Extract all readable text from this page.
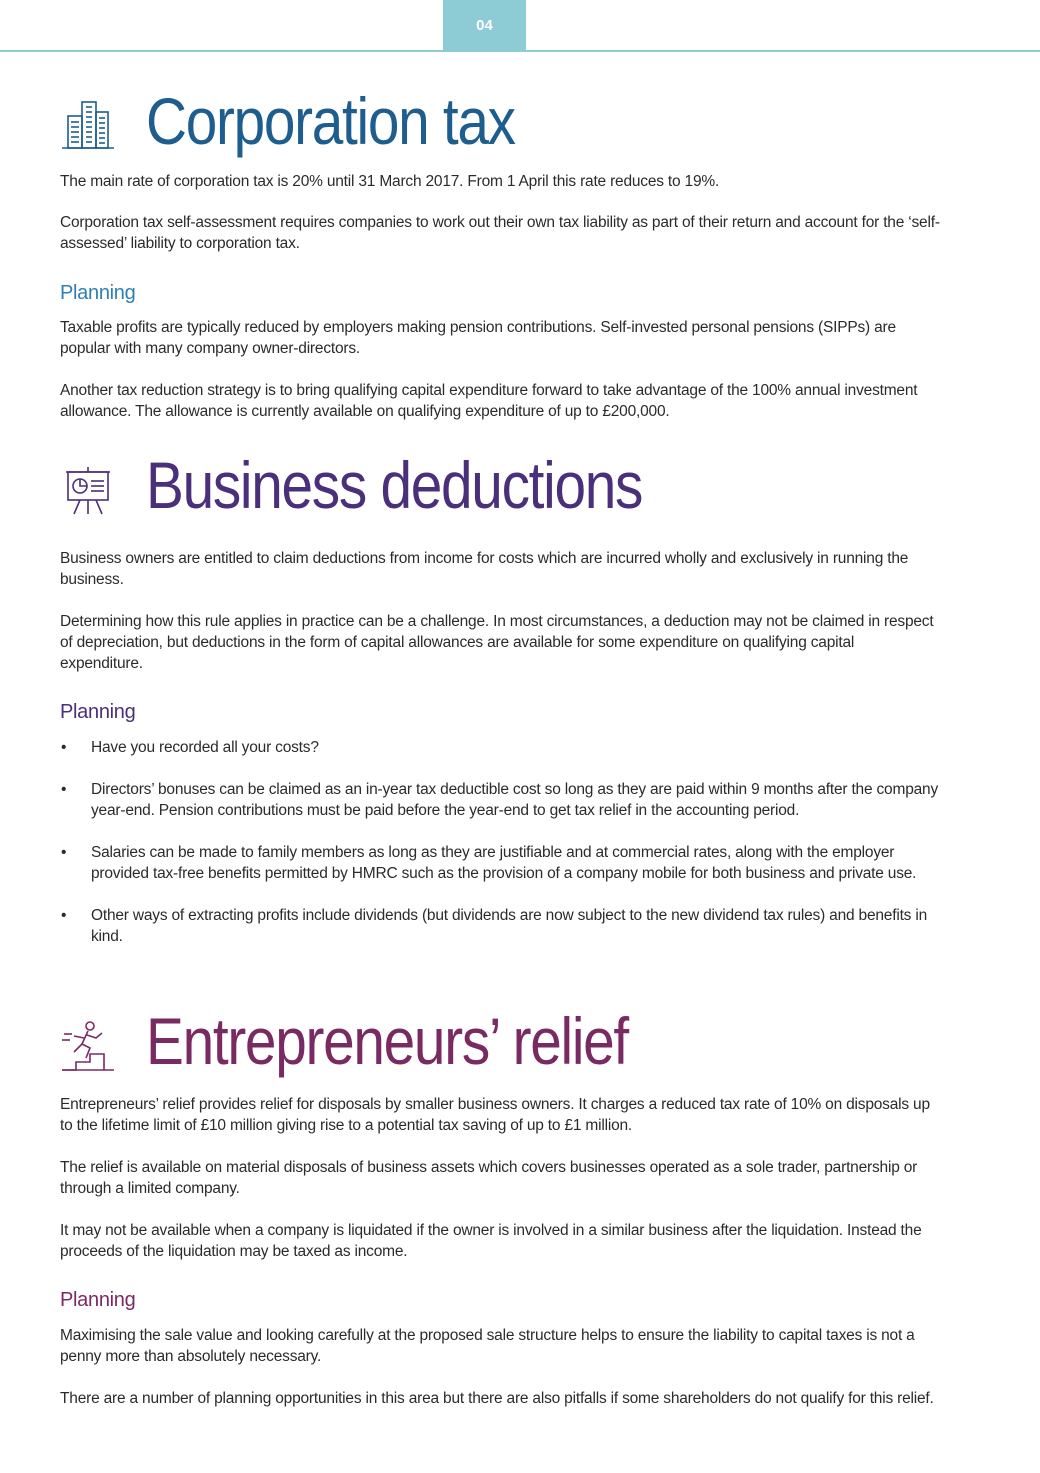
04
Corporation tax

The main rate of corporation tax is 20% until 31 March 2017. From 1 April this rate reduces to 19%.

Corporation tax self-assessment requires companies to work out their own tax liability as part of their return and account for the ‘self-assessed’ liability to corporation tax.

Planning

Taxable profits are typically reduced by employers making pension contributions. Self-invested personal pensions (SIPPs) are popular with many company owner-directors.

Another tax reduction strategy is to bring qualifying capital expenditure forward to take advantage of the 100% annual investment allowance. The allowance is currently available on qualifying expenditure of up to £200,000.

Business deductions

Business owners are entitled to claim deductions from income for costs which are incurred wholly and exclusively in running the business.

Determining how this rule applies in practice can be a challenge. In most circumstances, a deduction may not be claimed in respect of depreciation, but deductions in the form of capital allowances are available for some expenditure on qualifying capital expenditure.

Planning
• Have you recorded all your costs?
• Directors’ bonuses can be claimed as an in-year tax deductible cost so long as they are paid within 9 months after the company year-end. Pension contributions must be paid before the year-end to get tax relief in the accounting period.
• Salaries can be made to family members as long as they are justifiable and at commercial rates, along with the employer provided tax-free benefits permitted by HMRC such as the provision of a company mobile for both business and private use.
• Other ways of extracting profits include dividends (but dividends are now subject to the new dividend tax rules) and benefits in kind.
Entrepreneurs’ relief

Entrepreneurs’ relief provides relief for disposals by smaller business owners. It charges a reduced tax rate of 10% on disposals up to the lifetime limit of £10 million giving rise to a potential tax saving of up to £1 million.

The relief is available on material disposals of business assets which covers businesses operated as a sole trader, partnership or through a limited company.

It may not be available when a company is liquidated if the owner is involved in a similar business after the liquidation. Instead the proceeds of the liquidation may be taxed as income.

Planning

Maximising the sale value and looking carefully at the proposed sale structure helps to ensure the liability to capital taxes is not a penny more than absolutely necessary.

There are a number of planning opportunities in this area but there are also pitfalls if some shareholders do not qualify for this relief.
